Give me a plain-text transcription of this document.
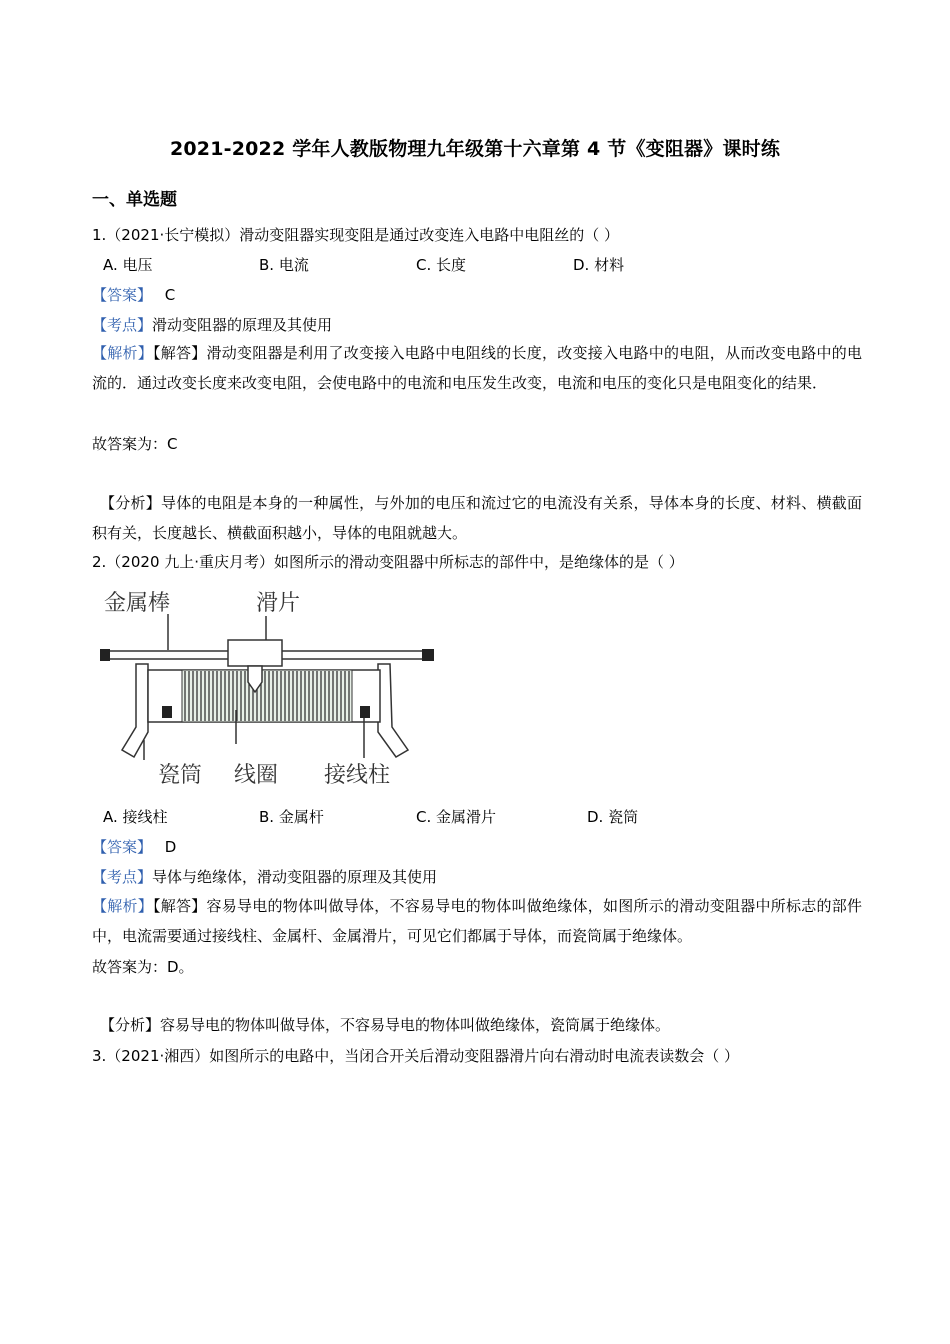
2021-2022 学年人教版物理九年级第十六章第 4 节《变阻器》课时练
一、单选题
1.（2021·长宁模拟）滑动变阻器实现变阻是通过改变连入电路中电阻丝的（ ）
A. 电压	B. 电流	C. 长度	D. 材料
【答案】 C
【考点】滑动变阻器的原理及其使用
【解析】【解答】滑动变阻器是利用了改变接入电路中电阻线的长度，改变接入电路中的电阻，从而改变电路中的电流的．通过改变长度来改变电阻，会使电路中的电流和电压发生改变，电流和电压的变化只是电阻变化的结果．
故答案为：C
【分析】导体的电阻是本身的一种属性，与外加的电压和流过它的电流没有关系，导体本身的长度、材料、横截面积有关，长度越长、横截面积越小，导体的电阻就越大。
2.（2020 九上·重庆月考）如图所示的滑动变阻器中所标志的部件中，是绝缘体的是（ ）
金属棒	滑片
瓷筒 线圈 接线柱
A. 接线柱	B. 金属杆	C. 金属滑片	D. 瓷筒
【答案】 D
【考点】导体与绝缘体，滑动变阻器的原理及其使用
【解析】【解答】容易导电的物体叫做导体，不容易导电的物体叫做绝缘体，如图所示的滑动变阻器中所标志的部件中，电流需要通过接线柱、金属杆、金属滑片，可见它们都属于导体，而瓷筒属于绝缘体。
故答案为：D。
【分析】容易导电的物体叫做导体，不容易导电的物体叫做绝缘体，瓷筒属于绝缘体。
3.（2021·湘西）如图所示的电路中，当闭合开关后滑动变阻器滑片向右滑动时电流表读数会（ ）
